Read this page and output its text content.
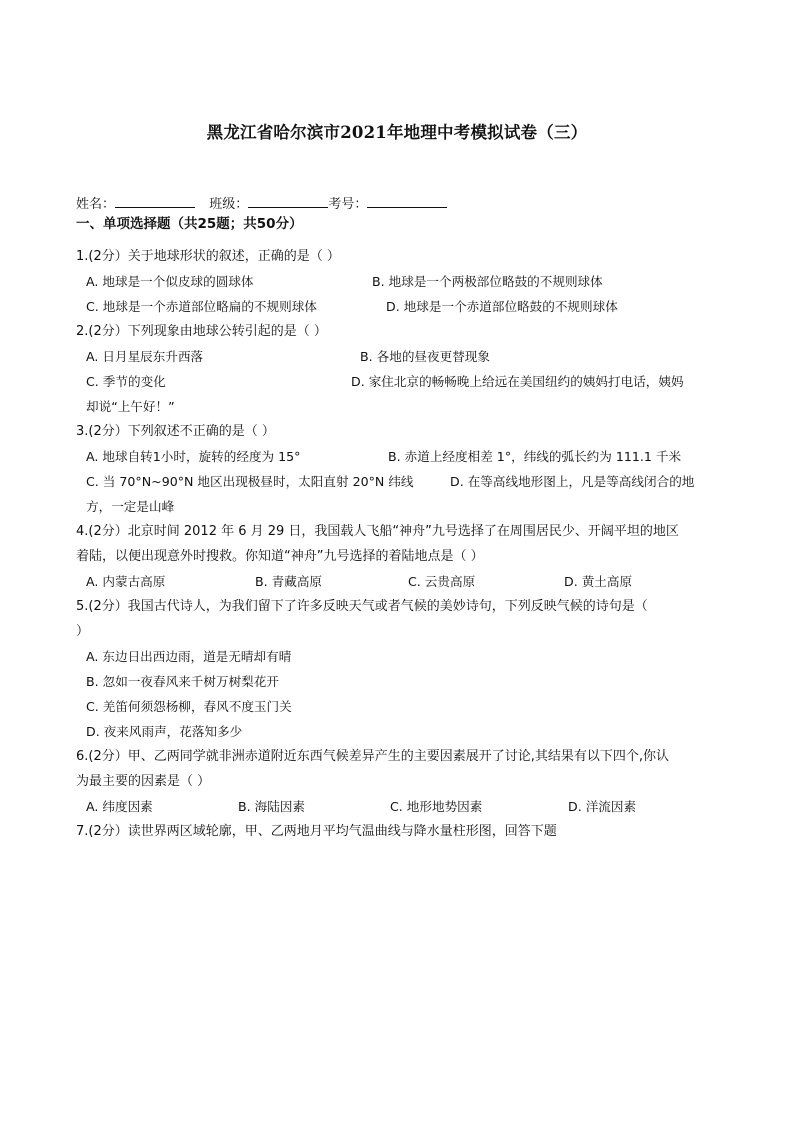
黑龙江省哈尔滨市2021年地理中考模拟试卷（三）
姓名：	班级：	考号：
一、单项选择题（共25题；共50分）
1.(2分）关于地球形状的叙述，正确的是（ ）
A. 地球是一个似皮球的圆球体	B. 地球是一个两极部位略鼓的不规则球体
C. 地球是一个赤道部位略扁的不规则球体	D. 地球是一个赤道部位略鼓的不规则球体
2.(2分）下列现象由地球公转引起的是（ ）
A. 日月星辰东升西落	B. 各地的昼夜更替现象
C. 季节的变化	D. 家住北京的畅畅晚上给远在美国纽约的姨妈打电话，姨妈
却说“上午好！”
3.(2分）下列叙述不正确的是（ ）
A. 地球自转1小时，旋转的经度为 15°	B. 赤道上经度相差 1°，纬线的弧长约为 111.1 千米
C. 当 70°N~90°N 地区出现极昼时，太阳直射 20°N 纬线	D. 在等高线地形图上，凡是等高线闭合的地
方，一定是山峰
4.(2分）北京时间 2012 年 6 月 29 日，我国载人飞船“神舟”九号选择了在周围居民少、开阔平坦的地区
着陆，以便出现意外时搜救。你知道“神舟”九号选择的着陆地点是（ ）
A. 内蒙古高原	B. 青藏高原	C. 云贵高原	D. 黄土高原
5.(2分）我国古代诗人，为我们留下了许多反映天气或者气候的美妙诗句，下列反映气候的诗句是（
）
A. 东边日出西边雨，道是无晴却有晴
B. 忽如一夜春风来千树万树梨花开
C. 羌笛何须怨杨柳，春风不度玉门关
D. 夜来风雨声，花落知多少
6.(2分）甲、乙两同学就非洲赤道附近东西气候差异产生的主要因素展开了讨论,其结果有以下四个,你认
为最主要的因素是（ ）
A. 纬度因素	B. 海陆因素	C. 地形地势因素	D. 洋流因素
7.(2分）读世界两区域轮廓，甲、乙两地月平均气温曲线与降水量柱形图，回答下题
